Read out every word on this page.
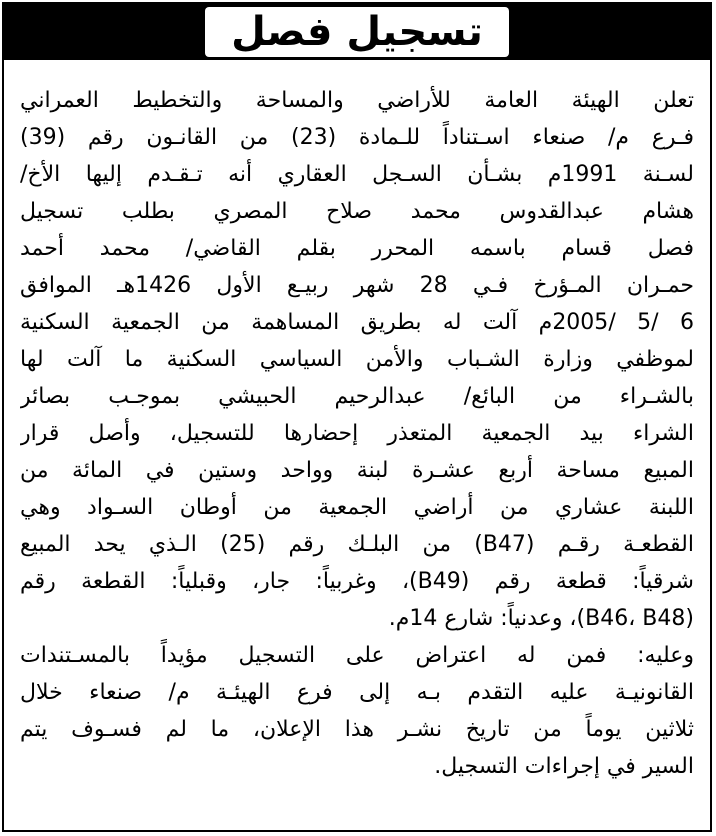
تسجيل فصل
تعلن الهيئة العامة للأراضي والمساحة والتخطيط العمراني
فـرع م/ صنعاء اسـتناداً للـمادة (23) من القانـون رقم (39)
لسـنة 1991م بشـأن السـجل العقاري أنه تـقـدم إليها الأخ/
هشام عبدالقدوس محمد صلاح المصري بطلب تسجيل
فصل قسام باسمه المحرر بقلم القاضي/ محمد أحمد
حمـران المـؤرخ فـي 28 شهر ربيـع الأول 1426هـ الموافق
6 /5 /2005م آلت له بطريق المساهمة من الجمعية السكنية
لموظفي وزارة الشـباب والأمن السياسي السكنية ما آلت لها
بالشـراء من البائع/ عبدالرحيم الحبيشي بموجـب بصائر
الشراء بيد الجمعية المتعذر إحضارها للتسجيل، وأصل قرار
المبيع مساحة أربع عشـرة لبنة وواحد وستين في المائة من
اللبنة عشاري من أراضي الجمعية من أوطان السـواد وهي
القطعـة رقـم (B47) من البلـك رقم (25) الـذي يحد المبيع
شرقياً: قطعة رقم (B49)، وغربياً: جار، وقبلياً: القطعة رقم
(B46، B48)، وعدنياً: شارع 14م.
وعليه: فمن له اعتراض على التسجيل مؤيداً بالمسـتندات
القانونيـة عليه التقدم بـه إلى فرع الهيئـة م/ صنعاء خلال
ثلاثين يوماً من تاريخ نشـر هذا الإعلان، ما لم فسـوف يتم
السير في إجراءات التسجيل.
